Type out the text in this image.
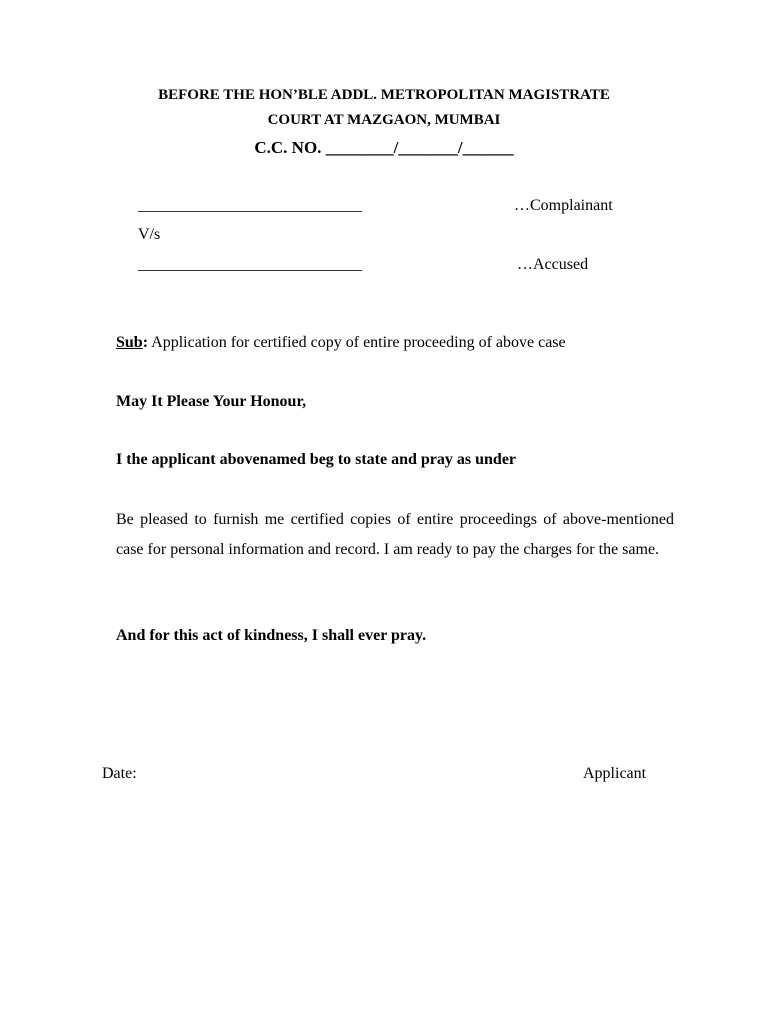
BEFORE THE HON’BLE ADDL. METROPOLITAN MAGISTRATE
COURT AT MAZGAON, MUMBAI
C.C. NO. ________/_______/______
____________________________	…Complainant
V/s
____________________________	…Accused
Sub: Application for certified copy of entire proceeding of above case
May It Please Your Honour,
I the applicant abovenamed beg to state and pray as under
Be pleased to furnish me certified copies of entire proceedings of above-mentioned case for personal information and record. I am ready to pay the charges for the same.
And for this act of kindness, I shall ever pray.
Date:	Applicant
